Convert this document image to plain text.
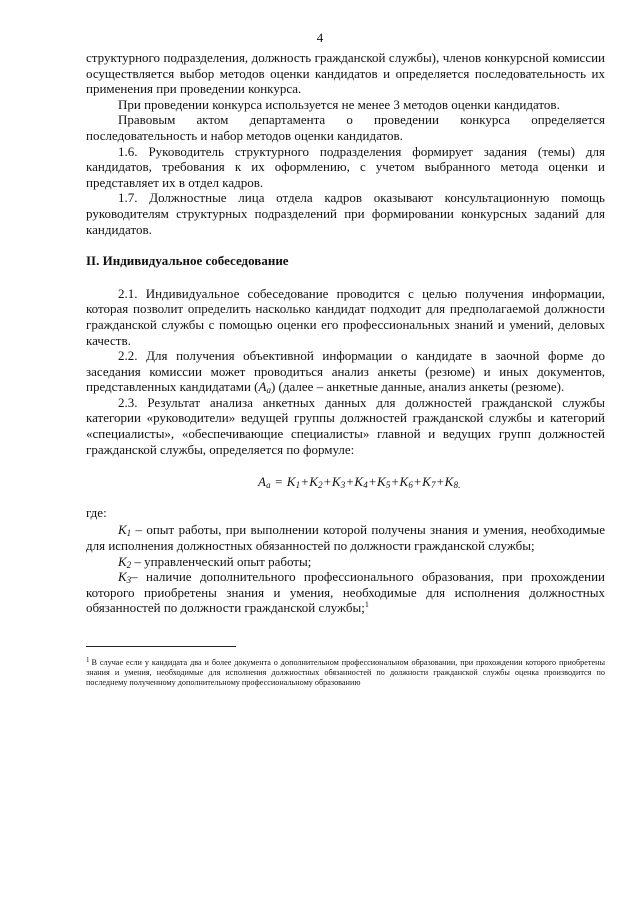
4

структурного подразделения, должность гражданской службы), членов конкурсной комиссии осуществляется выбор методов оценки кандидатов и определяется последовательность их применения при проведении конкурса.

При проведении конкурса используется не менее 3 методов оценки кандидатов.

Правовым актом департамента о проведении конкурса определяется последовательность и набор методов оценки кандидатов.

1.6. Руководитель структурного подразделения формирует задания (темы) для кандидатов, требования к их оформлению, с учетом выбранного метода оценки и представляет их в отдел кадров.

1.7. Должностные лица отдела кадров оказывают консультационную помощь руководителям структурных подразделений при формировании конкурсных заданий для кандидатов.

II. Индивидуальное собеседование

2.1. Индивидуальное собеседование проводится с целью получения информации, которая позволит определить насколько кандидат подходит для предполагаемой должности гражданской службы с помощью оценки его профессиональных знаний и умений, деловых качеств.

2.2. Для получения объективной информации о кандидате в заочной форме до заседания комиссии может проводиться анализ анкеты (резюме) и иных документов, представленных кандидатами $(А_а)$ (далее – анкетные данные, анализ анкеты (резюме).

2.3. Результат анализа анкетных данных для должностей гражданской службы категории «руководители» ведущей группы должностей гражданской службы и категорий «специалисты», «обеспечивающие специалисты» главной и ведущих групп должностей гражданской службы, определяется по формуле:

$A_a = K_1+K_2+K_3+K_4+K_5+K_6+K_7+K_{8.}$

где:

$K_1$ – опыт работы, при выполнении которой получены знания и умения, необходимые для исполнения должностных обязанностей по должности гражданской службы;

$K_2$ – управленческий опыт работы;

$K_3-$ наличие дополнительного профессионального образования, при прохождении которого приобретены знания и умения, необходимые для исполнения должностных обязанностей по должности гражданской службы;$^1$

1 В случае если у кандидата два и более документа о дополнительном профессиональном образовании, при прохождении которого приобретены знания и умения, необходимые для исполнения должностных обязанностей по должности гражданской службы оценка производится по последнему полученному дополнительному профессиональному образованию
